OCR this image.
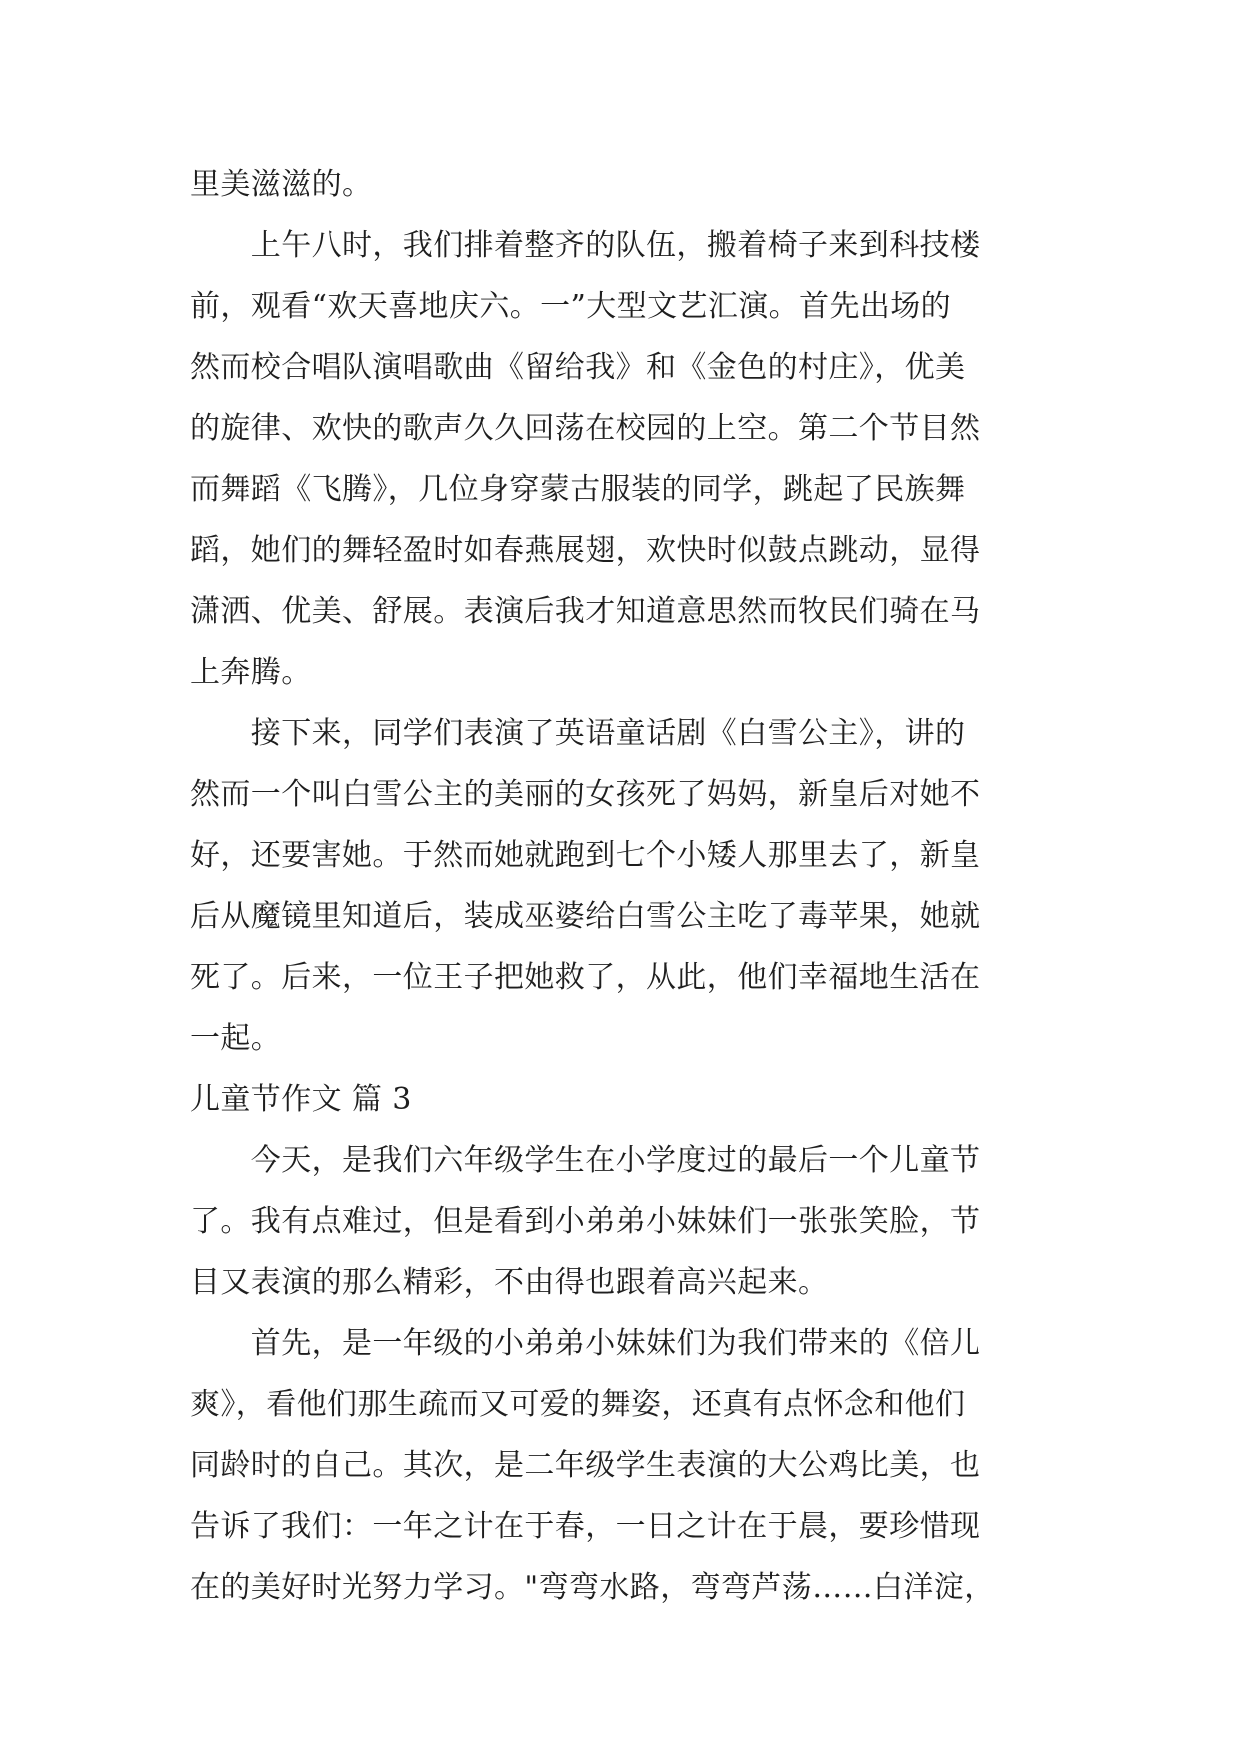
里美滋滋的。
　　上午八时，我们排着整齐的队伍，搬着椅子来到科技楼
前，观看“欢天喜地庆六。一”大型文艺汇演。首先出场的
然而校合唱队演唱歌曲《留给我》和《金色的村庄》，优美
的旋律、欢快的歌声久久回荡在校园的上空。第二个节目然
而舞蹈《飞腾》，几位身穿蒙古服装的同学，跳起了民族舞
蹈，她们的舞轻盈时如春燕展翅，欢快时似鼓点跳动，显得
潇洒、优美、舒展。表演后我才知道意思然而牧民们骑在马
上奔腾。
　　接下来，同学们表演了英语童话剧《白雪公主》，讲的
然而一个叫白雪公主的美丽的女孩死了妈妈，新皇后对她不
好，还要害她。于然而她就跑到七个小矮人那里去了，新皇
后从魔镜里知道后，装成巫婆给白雪公主吃了毒苹果，她就
死了。后来，一位王子把她救了，从此，他们幸福地生活在
一起。
儿童节作文 篇 3
　　今天，是我们六年级学生在小学度过的最后一个儿童节
了。我有点难过，但是看到小弟弟小妹妹们一张张笑脸，节
目又表演的那么精彩，不由得也跟着高兴起来。
　　首先，是一年级的小弟弟小妹妹们为我们带来的《倍儿
爽》，看他们那生疏而又可爱的舞姿，还真有点怀念和他们
同龄时的自己。其次，是二年级学生表演的大公鸡比美，也
告诉了我们：一年之计在于春，一日之计在于晨，要珍惜现
在的美好时光努力学习。"弯弯水路，弯弯芦荡……白洋淀，
